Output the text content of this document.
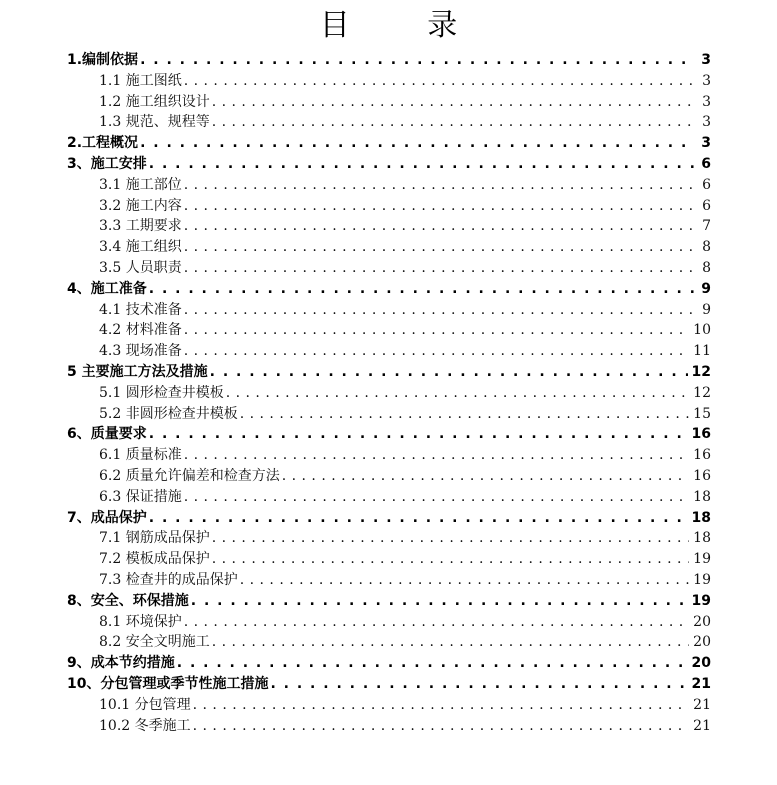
目 录
1.编制依据 . . .	3
1.1 施工图纸 . . .	3
1.2 施工组织设计 . . .	3
1.3 规范、规程等 . . .	3
2.工程概况 . . .	3
3、施工安排 . . .	6
3.1 施工部位 . . .	6
3.2 施工内容 . . .	6
3.3 工期要求 . . .	7
3.4 施工组织 . . .	8
3.5 人员职责 . . .	8
4、施工准备 . . .	9
4.1 技术准备 . . .	9
4.2 材料准备 . . .	10
4.3 现场准备 . . .	11
5 主要施工方法及措施 . . .	12
5.1 圆形检查井模板 . . .	12
5.2 非圆形检查井模板 . . .	15
6、质量要求 . . .	16
6.1 质量标准 . . .	16
6.2 质量允许偏差和检查方法 . . .	16
6.3 保证措施 . . .	18
7、成品保护 . . .	18
7.1 钢筋成品保护 . . .	18
7.2 模板成品保护 . . .	19
7.3 检查井的成品保护 . . .	19
8、安全、环保措施 . . .	19
8.1 环境保护 . . .	20
8.2 安全文明施工 . . .	20
9、成本节约措施 . . .	20
10、分包管理或季节性施工措施 . . .	21
10.1 分包管理 . . .	21
10.2 冬季施工 . . .	21
